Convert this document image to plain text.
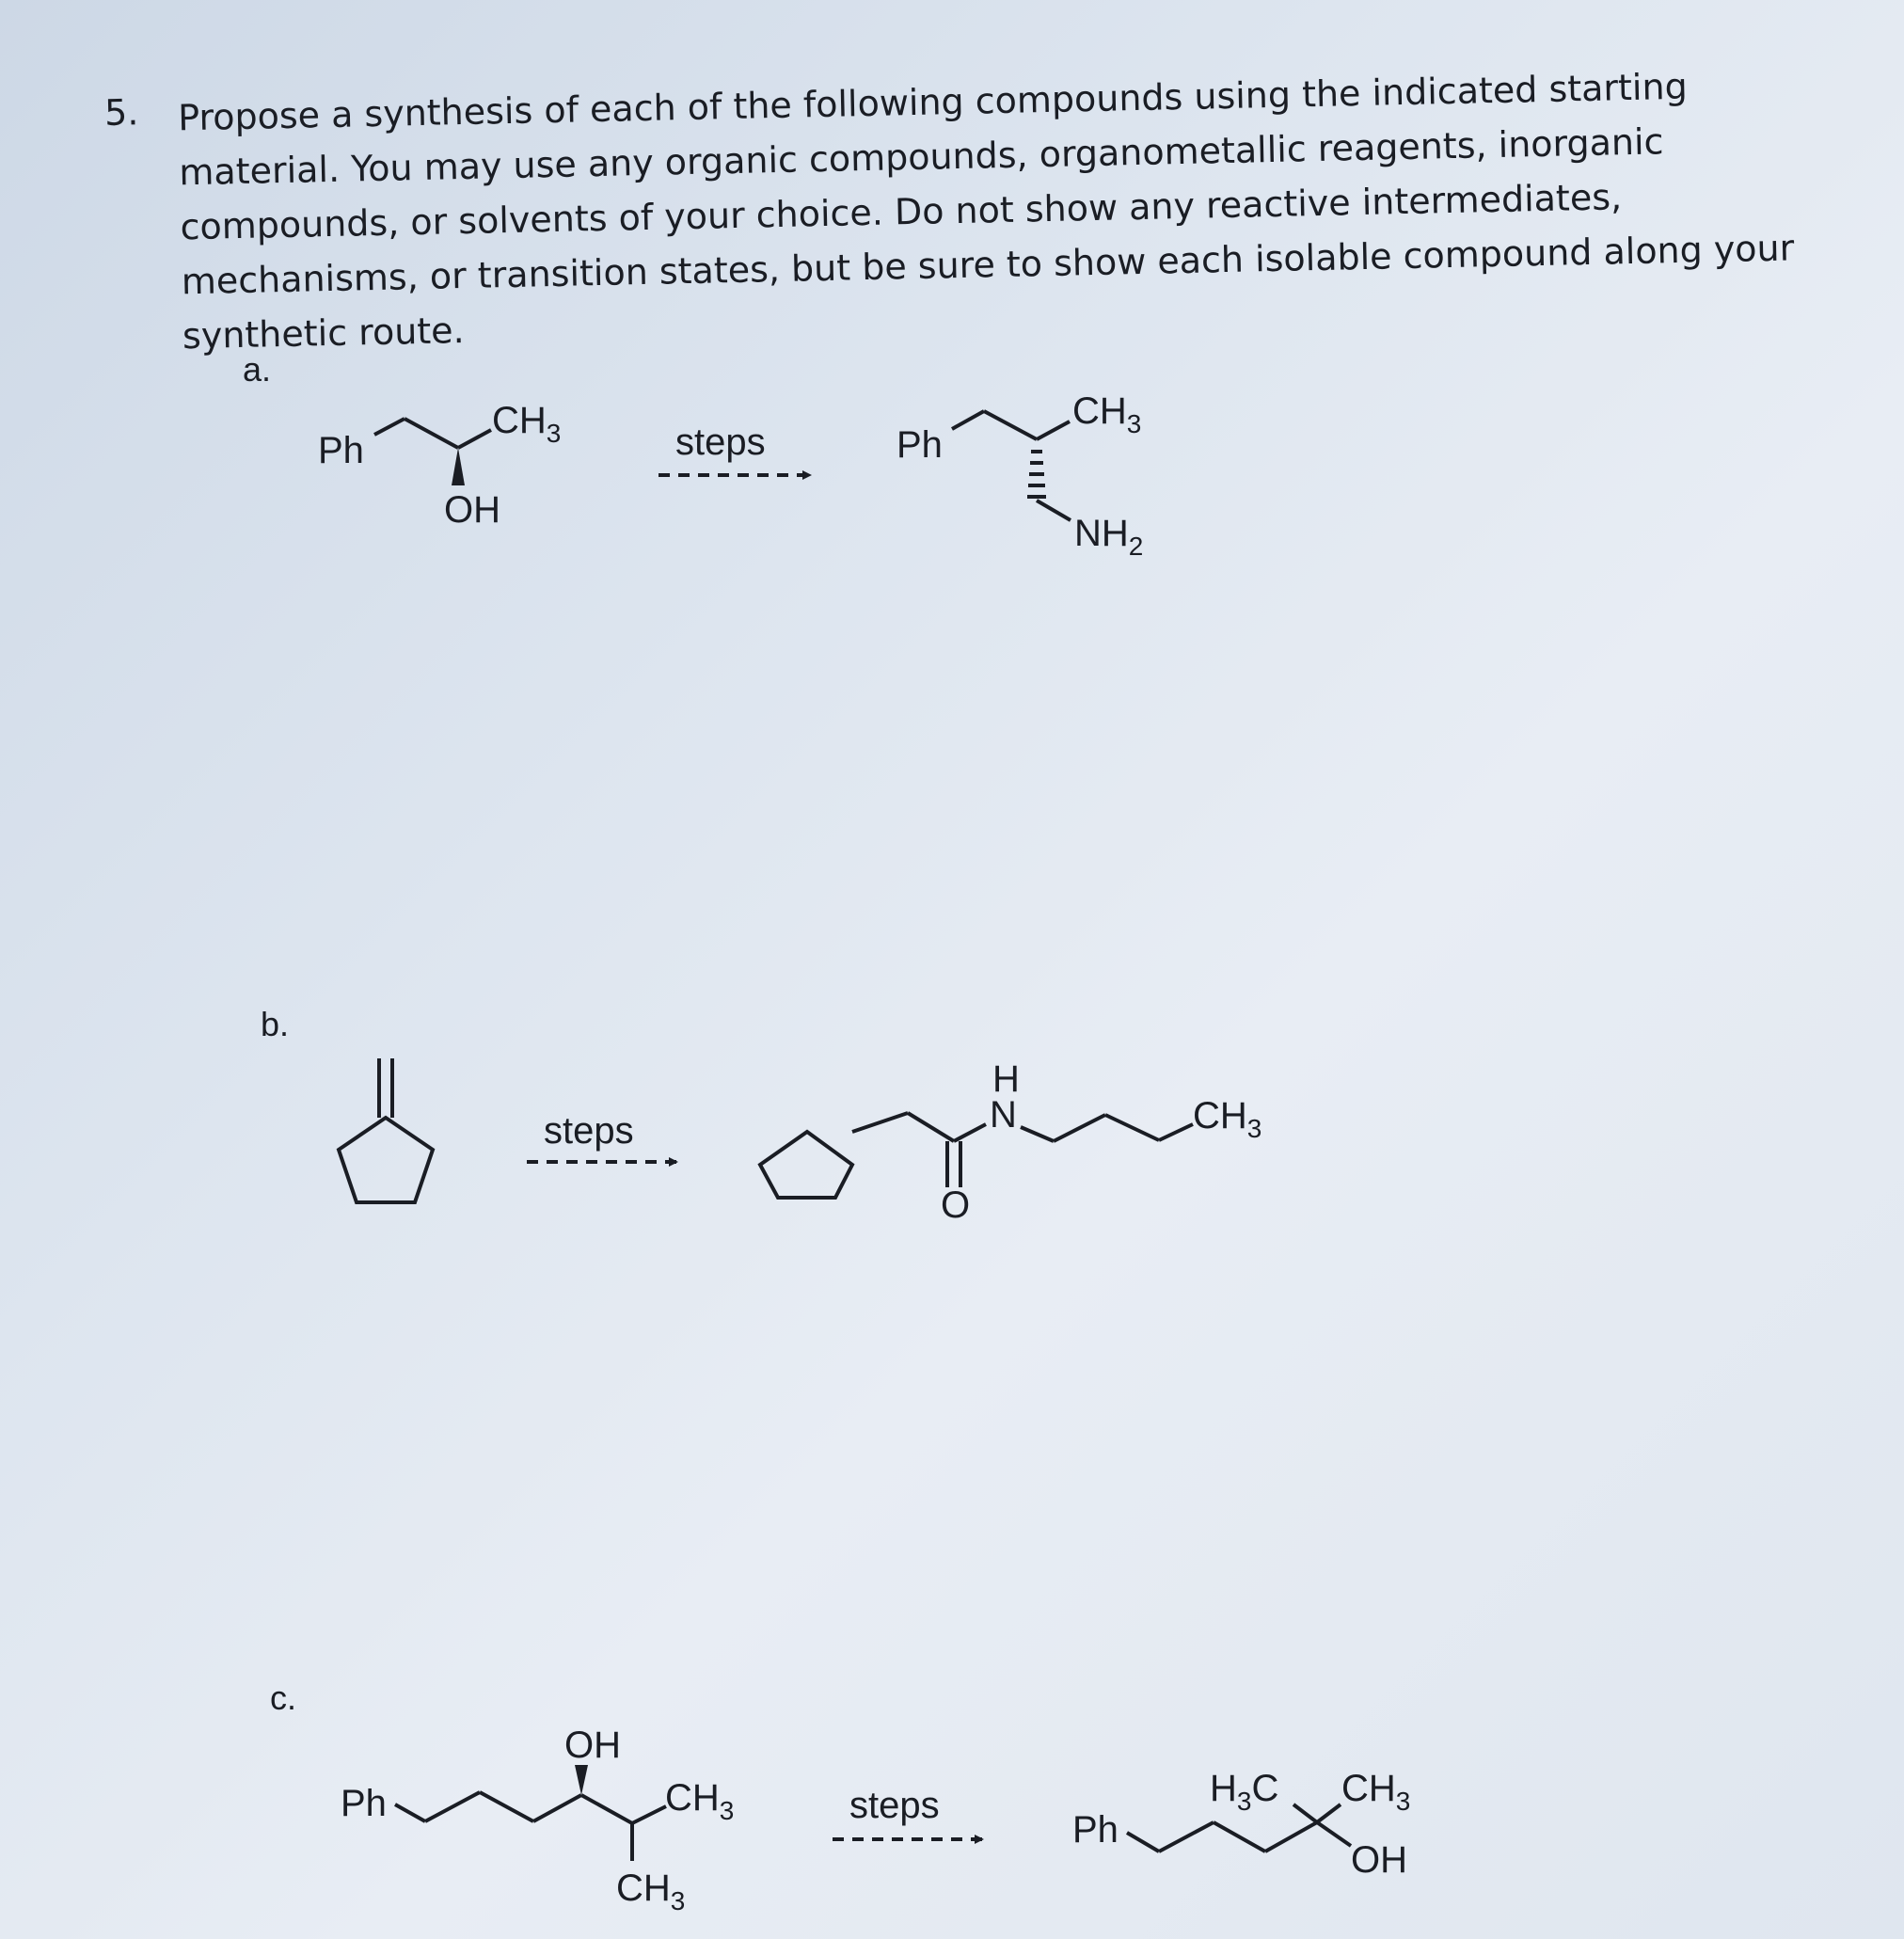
5. Propose a synthesis of each of the following compounds using the indicated starting material. You may use any organic compounds, organometallic reagents, inorganic compounds, or solvents of your choice. Do not show any reactive intermediates, mechanisms, or transition states, but be sure to show each isolable compound along your synthetic route.
a.
b.
c.
Ph
$CH_3$
OH
steps	Ph
$CH_3$
$NH_2$
steps
O
H
N	$CH_3$
Ph
OH
$CH_3$
$CH_3$
steps
Ph
$H_3C$ $CH_3$
OH
